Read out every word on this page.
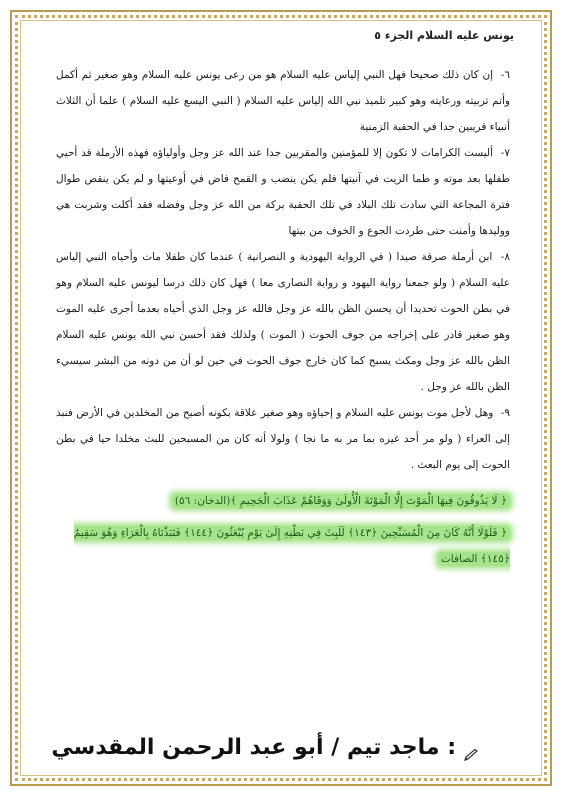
يونس عليه السلام الجزء ٥

٦- إن كان ذلك صحيحا فهل النبي إلياس عليه السلام هو من رعى يونس عليه السلام وهو صغير ثم أكمل وأتم تربيته ورعايته وهو كبير تلميذ نبي الله إلياس عليه السلام ( النبي اليسع عليه السلام ) علما أن الثلاث أنبياء قريبين جدا في الحقبة الزمنية

٧- أليست الكرامات لا تكون إلا للمؤمنين والمقربين جدا عند الله عز وجل وأولياؤه فهذه الأرملة قد أحيي طفلها بعد موته و طما الزيت في آنيتها فلم يكن ينضب و القمح فاض في أوعيتها و لم يكن ينقص طوال فترة المجاعة التي سادت تلك البلاد في تلك الحقبة بركة من الله عز وجل وفضله فقد أكلت وشربت هي ووليدها وأمنت حتى طردت الجوع و الخوف من بيتها

٨- ابن أرملة صرفة صيدا ( في الرواية اليهودية و النصرانية ) عندما كان طفلا مات وأحياه النبي إلياس عليه السلام ( ولو جمعنا رواية اليهود و رواية النصارى معا ) فهل كان ذلك درسا ليونس عليه السلام وهو في بطن الحوت تحديدا أن يحسن الظن بالله عز وجل فالله عز وجل الذي أحياه بعدما أجرى عليه الموت وهو صغير قادر على إخراجه من جوف الحوت ( الموت ) ولذلك فقد أحسن نبي الله يونس عليه السلام الظن بالله عز وجل ومكث يسبح كما كان خارج جوف الحوت في حين لو أن من دونه من البشر سيسيء الظن بالله عز وجل .

٩- وهل لأجل موت يونس عليه السلام و إحياؤه وهو صغير علاقة بكونه أصبح من المخلدين في الأرض فنبذ إلى العراء ( ولو مر أحد غيره بما مر به ما نجا ) ولولا أنه كان من المسبحين للبث مخلدا حيا في بطن الحوت إلى يوم البعث .

﴿ لَا يَذُوقُونَ فِيهَا الْمَوْتَ إِلَّا الْمَوْتَةَ الْأُولَىٰ وَوَقَاهُمْ عَذَابَ الْجَحِيمِ ﴾(الدخان: ٥٦)

﴿ فَلَوْلَا أَنَّهُ كَانَ مِنَ الْمُسَبِّحِينَ ﴿١٤٣﴾ لَلَبِثَ فِي بَطْنِهِ إِلَىٰ يَوْمِ يُبْعَثُونَ ﴿١٤٤﴾ فَنَبَذْنَاهُ بِالْعَرَاءِ وَهُوَ سَقِيمٌ ﴿١٤٥﴾ الصافات

: ماجد تيم / أبو عبد الرحمن المقدسي
